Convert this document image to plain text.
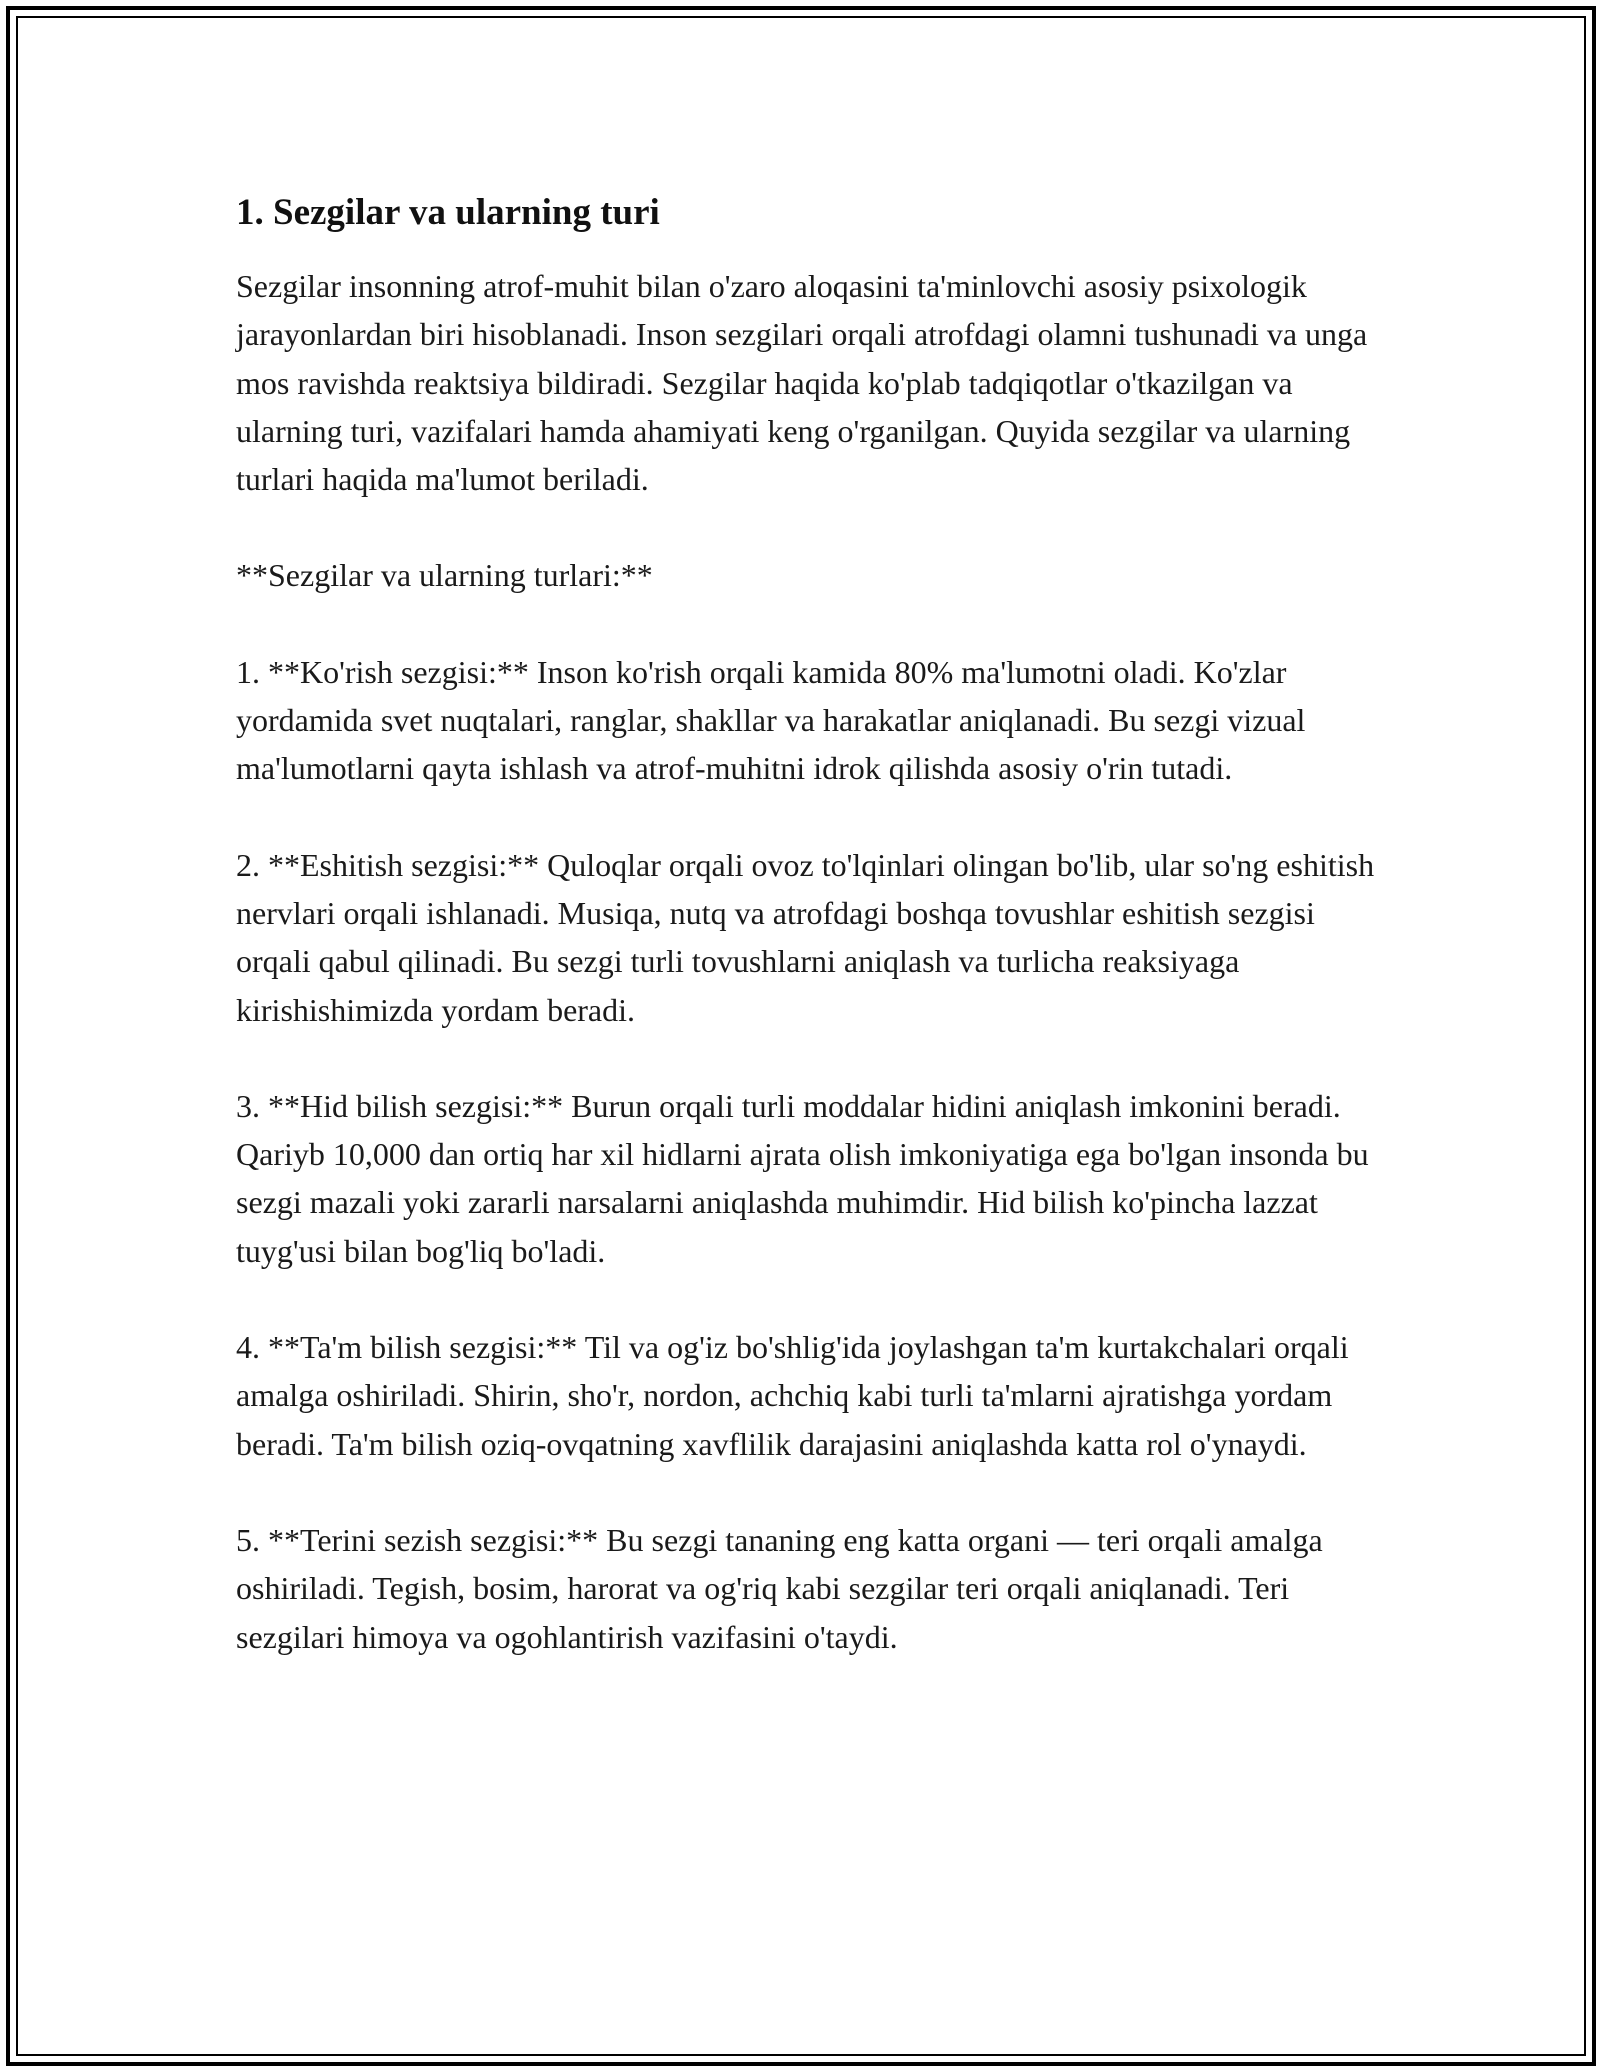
1. Sezgilar va ularning turi

Sezgilar insonning atrof-muhit bilan o'zaro aloqasini ta'minlovchi asosiy psixologik jarayonlardan biri hisoblanadi. Inson sezgilari orqali atrofdagi olamni tushunadi va unga mos ravishda reaktsiya bildiradi. Sezgilar haqida ko'plab tadqiqotlar o'tkazilgan va ularning turi, vazifalari hamda ahamiyati keng o'rganilgan. Quyida sezgilar va ularning turlari haqida ma'lumot beriladi.

**Sezgilar va ularning turlari:**

1. **Ko'rish sezgisi:** Inson ko'rish orqali kamida 80% ma'lumotni oladi. Ko'zlar yordamida svet nuqtalari, ranglar, shakllar va harakatlar aniqlanadi. Bu sezgi vizual ma'lumotlarni qayta ishlash va atrof-muhitni idrok qilishda asosiy o'rin tutadi.

2. **Eshitish sezgisi:** Quloqlar orqali ovoz to'lqinlari olingan bo'lib, ular so'ng eshitish nervlari orqali ishlanadi. Musiqa, nutq va atrofdagi boshqa tovushlar eshitish sezgisi orqali qabul qilinadi. Bu sezgi turli tovushlarni aniqlash va turlicha reaksiyaga kirishishimizda yordam beradi.

3. **Hid bilish sezgisi:** Burun orqali turli moddalar hidini aniqlash imkonini beradi. Qariyb 10,000 dan ortiq har xil hidlarni ajrata olish imkoniyatiga ega bo'lgan insonda bu sezgi mazali yoki zararli narsalarni aniqlashda muhimdir. Hid bilish ko'pincha lazzat tuyg'usi bilan bog'liq bo'ladi.

4. **Ta'm bilish sezgisi:** Til va og'iz bo'shlig'ida joylashgan ta'm kurtakchalari orqali amalga oshiriladi. Shirin, sho'r, nordon, achchiq kabi turli ta'mlarni ajratishga yordam beradi. Ta'm bilish oziq-ovqatning xavflilik darajasini aniqlashda katta rol o'ynaydi.

5. **Terini sezish sezgisi:** Bu sezgi tananing eng katta organi — teri orqali amalga oshiriladi. Tegish, bosim, harorat va og'riq kabi sezgilar teri orqali aniqlanadi. Teri sezgilari himoya va ogohlantirish vazifasini o'taydi.
